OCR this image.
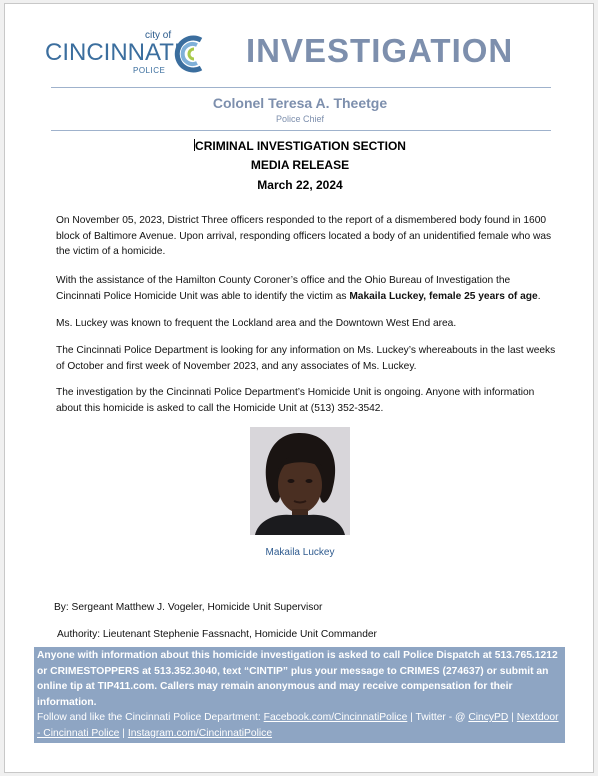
city of
CINCINNATI
POLICE
INVESTIGATION
Colonel Teresa A. Theetge
Police Chief
CRIMINAL INVESTIGATION SECTION
MEDIA RELEASE
March 22, 2024
On November 05, 2023, District Three officers responded to the report of a dismembered body found in 1600 block of Baltimore Avenue. Upon arrival, responding officers located a body of an unidentified female who was the victim of a homicide.
With the assistance of the Hamilton County Coroner’s office and the Ohio Bureau of Investigation the Cincinnati Police Homicide Unit was able to identify the victim as Makaila Luckey, female 25 years of age.
Ms. Luckey was known to frequent the Lockland area and the Downtown West End area.
The Cincinnati Police Department is looking for any information on Ms. Luckey’s whereabouts in the last weeks of October and first week of November 2023, and any associates of Ms. Luckey.
The investigation by the Cincinnati Police Department’s Homicide Unit is ongoing. Anyone with information about this homicide is asked to call the Homicide Unit at (513) 352-3542.
Makaila Luckey
By: Sergeant Matthew J. Vogeler, Homicide Unit Supervisor
Authority: Lieutenant Stephenie Fassnacht, Homicide Unit Commander
Anyone with information about this homicide investigation is asked to call Police Dispatch at 513.765.1212 or CRIMESTOPPERS at 513.352.3040, text “CINTIP” plus your message to CRIMES (274637) or submit an online tip at TIP411.com. Callers may remain anonymous and may receive compensation for their information.
Follow and like the Cincinnati Police Department: Facebook.com/CincinnatiPolice | Twitter - @ CincyPD | Nextdoor - Cincinnati Police | Instagram.com/CincinnatiPolice
